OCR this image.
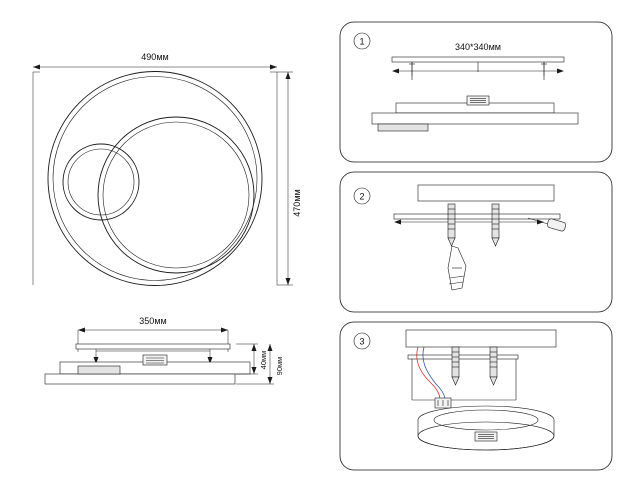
490мм
470мм
350мм
40мм 90мм
1
340*340мм
2
3
